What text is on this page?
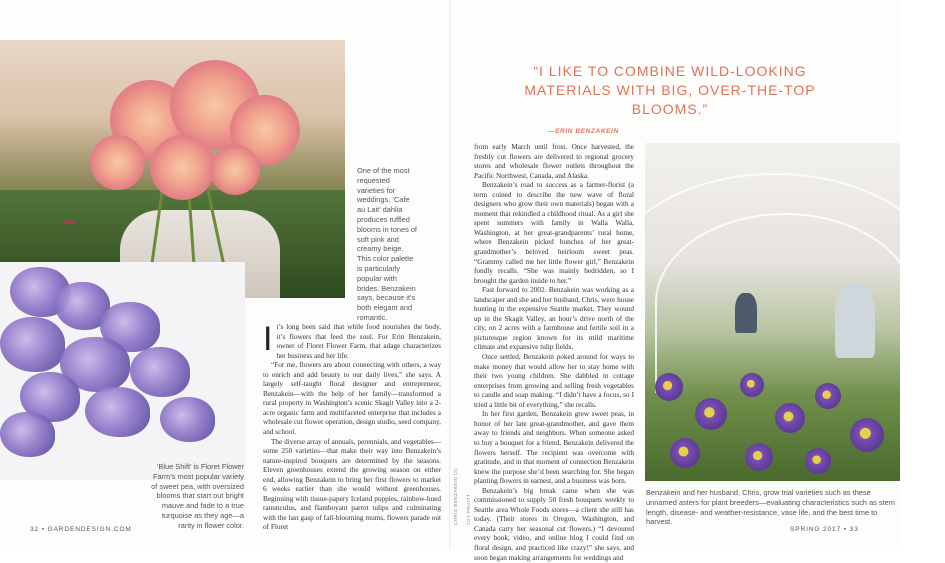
One of the most requested varieties for weddings, ‘Cafe au Lait’ dahlia produces ruffled blooms in tones of soft pink and creamy beige. This color palette is particularly popular with brides. Benzakein says, because it’s both elegant and romantic.
‘Blue Shift’ is Floret Flower Farm’s most popular variety of sweet pea, with oversized blooms that start out bright mauve and fade to a true turquoise as they age—a rarity in flower color.
Benzakein and her husband, Chris, grow trial varieties such as these unnamed asters for plant breeders—evaluating characteristics such as stem length, disease- and weather-resistance, vase life, and the best time to harvest.

It’s long been said that while food nourishes the body, it’s flowers that feed the soul. For Erin Benzakein, owner of Floret Flower Farm, that adage characterizes her business and her life.

“For me, flowers are about connecting with others, a way to enrich and add beauty to our daily lives,” she says. A largely self-taught floral designer and entrepreneur, Benzakein—with the help of her family—transformed a rural property in Washington’s scenic Skagit Valley into a 2-acre organic farm and multifaceted enterprise that includes a wholesale cut flower operation, design studio, seed company, and school.

The diverse array of annuals, perennials, and vegetables—some 250 varieties—that make their way into Benzakein’s nature-inspired bouquets are determined by the seasons. Eleven greenhouses extend the growing season on either end, allowing Benzakein to bring her first flowers to market 6 weeks earlier than she would without greenhouses. Beginning with tissue-papery Iceland poppies, rainbow-hued ranunculus, and flamboyant parrot tulips and culminating with the last gasp of fall-blooming mums, flowers parade out of Floret

from early March until frost. Once harvested, the freshly cut flowers are delivered to regional grocery stores and wholesale flower outlets throughout the Pacific Northwest, Canada, and Alaska.

Benzakein’s road to success as a farmer-florist (a term coined to describe the new wave of floral designers who grow their own materials) began with a moment that rekindled a childhood ritual. As a girl she spent summers with family in Walla Walla, Washington, at her great-grandparents’ rural home, where Benzakein picked bunches of her great-grandmother’s beloved heirloom sweet peas. “Grammy called me her little flower girl,” Benzakein fondly recalls. “She was mainly bedridden, so I brought the garden inside to her.”

Fast forward to 2002. Benzakein was working as a landscaper and she and her husband, Chris, were house hunting in the expensive Seattle market. They wound up in the Skagit Valley, an hour’s drive north of the city, on 2 acres with a farmhouse and fertile soil in a picturesque region known for its mild maritime climate and expansive tulip fields.

Once settled, Benzakein poked around for ways to make money that would allow her to stay home with their two young children. She dabbled in cottage enterprises from growing and selling fresh vegetables to candle and soap making. “I didn’t have a focus, so I tried a little bit of everything,” she recalls.

In her first garden, Benzakein grew sweet peas, in honor of her late great-grandmother, and gave them away to friends and neighbors. When someone asked to buy a bouquet for a friend, Benzakein delivered the flowers herself. The recipient was overcome with gratitude, and in that moment of connection Benzakein knew the purpose she’d been searching for. She began planting flowers in earnest, and a business was born.

Benzakein’s big break came when she was commissioned to supply 50 fresh bouquets weekly to Seattle area Whole Foods stores—a client she still has today. (Their stores in Oregon, Washington, and Canada carry her seasonal cut flowers.) “I devoured every book, video, and online blog I could find on floral design, and practiced like crazy!” she says, and soon began making arrangements for weddings and

“I LIKE TO COMBINE WILD-LOOKING MATERIALS WITH BIG, OVER-THE-TOP BLOOMS.”
—ERIN BENZAKEIN
CHRIS BENZAKEIN (2) JOY PRUITT
32 • GARDENDESIGN.COM	SPRING 2017 • 33
